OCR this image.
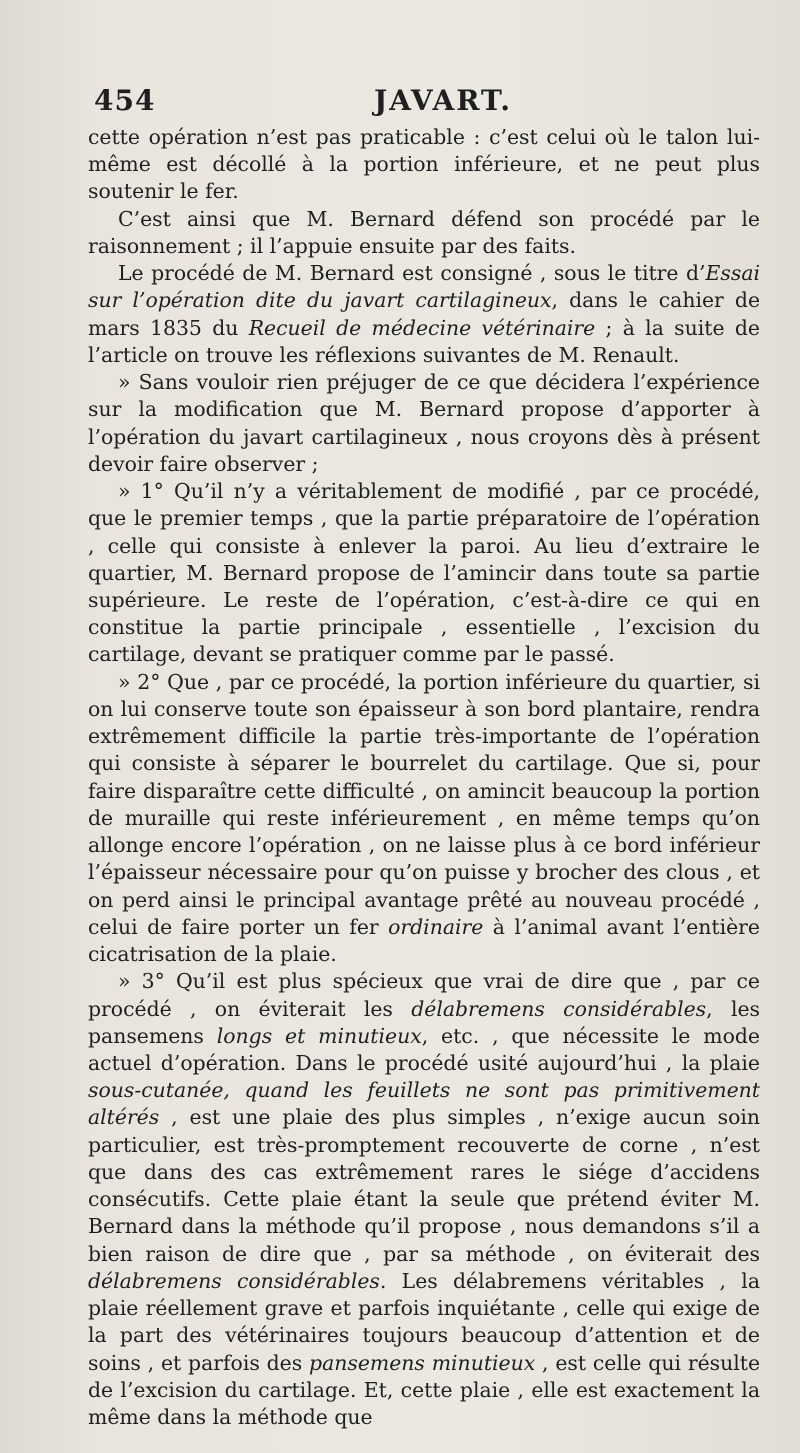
454	JAVART.

cette opération n’est pas praticable : c’est celui où le talon lui-même est décollé à la portion inférieure, et ne peut plus soutenir le fer.

C’est ainsi que M. Bernard défend son procédé par le raisonnement ; il l’appuie ensuite par des faits.

Le procédé de M. Bernard est consigné , sous le titre d’Essai sur l’opération dite du javart cartilagineux, dans le cahier de mars 1835 du Recueil de médecine vétérinaire ; à la suite de l’article on trouve les réflexions suivantes de M. Renault.

» Sans vouloir rien préjuger de ce que décidera l’expérience sur la modification que M. Bernard propose d’apporter à l’opération du javart cartilagineux , nous croyons dès à présent devoir faire observer ;

» 1° Qu’il n’y a véritablement de modifié , par ce procédé, que le premier temps , que la partie préparatoire de l’opération , celle qui consiste à enlever la paroi. Au lieu d’extraire le quartier, M. Bernard propose de l’amincir dans toute sa partie supérieure. Le reste de l’opération, c’est-à-dire ce qui en constitue la partie principale , essentielle , l’excision du cartilage, devant se pratiquer comme par le passé.

» 2° Que , par ce procédé, la portion inférieure du quartier, si on lui conserve toute son épaisseur à son bord plantaire, rendra extrêmement difficile la partie très-importante de l’opération qui consiste à séparer le bourrelet du cartilage. Que si, pour faire disparaître cette difficulté , on amincit beaucoup la portion de muraille qui reste inférieurement , en même temps qu’on allonge encore l’opération , on ne laisse plus à ce bord inférieur l’épaisseur nécessaire pour qu’on puisse y brocher des clous , et on perd ainsi le principal avantage prêté au nouveau procédé , celui de faire porter un fer ordinaire à l’animal avant l’entière cicatrisation de la plaie.

» 3° Qu’il est plus spécieux que vrai de dire que , par ce procédé , on éviterait les délabremens considérables, les pansemens longs et minutieux, etc. , que nécessite le mode actuel d’opération. Dans le procédé usité aujourd’hui , la plaie sous-cutanée, quand les feuillets ne sont pas primitivement altérés , est une plaie des plus simples , n’exige aucun soin particulier, est très-promptement recouverte de corne , n’est que dans des cas extrêmement rares le siége d’accidens consécutifs. Cette plaie étant la seule que prétend éviter M. Bernard dans la méthode qu’il propose , nous demandons s’il a bien raison de dire que , par sa méthode , on éviterait des délabremens considérables. Les délabremens véritables , la plaie réellement grave et parfois inquiétante , celle qui exige de la part des vétérinaires toujours beaucoup d’attention et de soins , et parfois des pansemens minutieux , est celle qui résulte de l’excision du cartilage. Et, cette plaie , elle est exactement la même dans la méthode que
